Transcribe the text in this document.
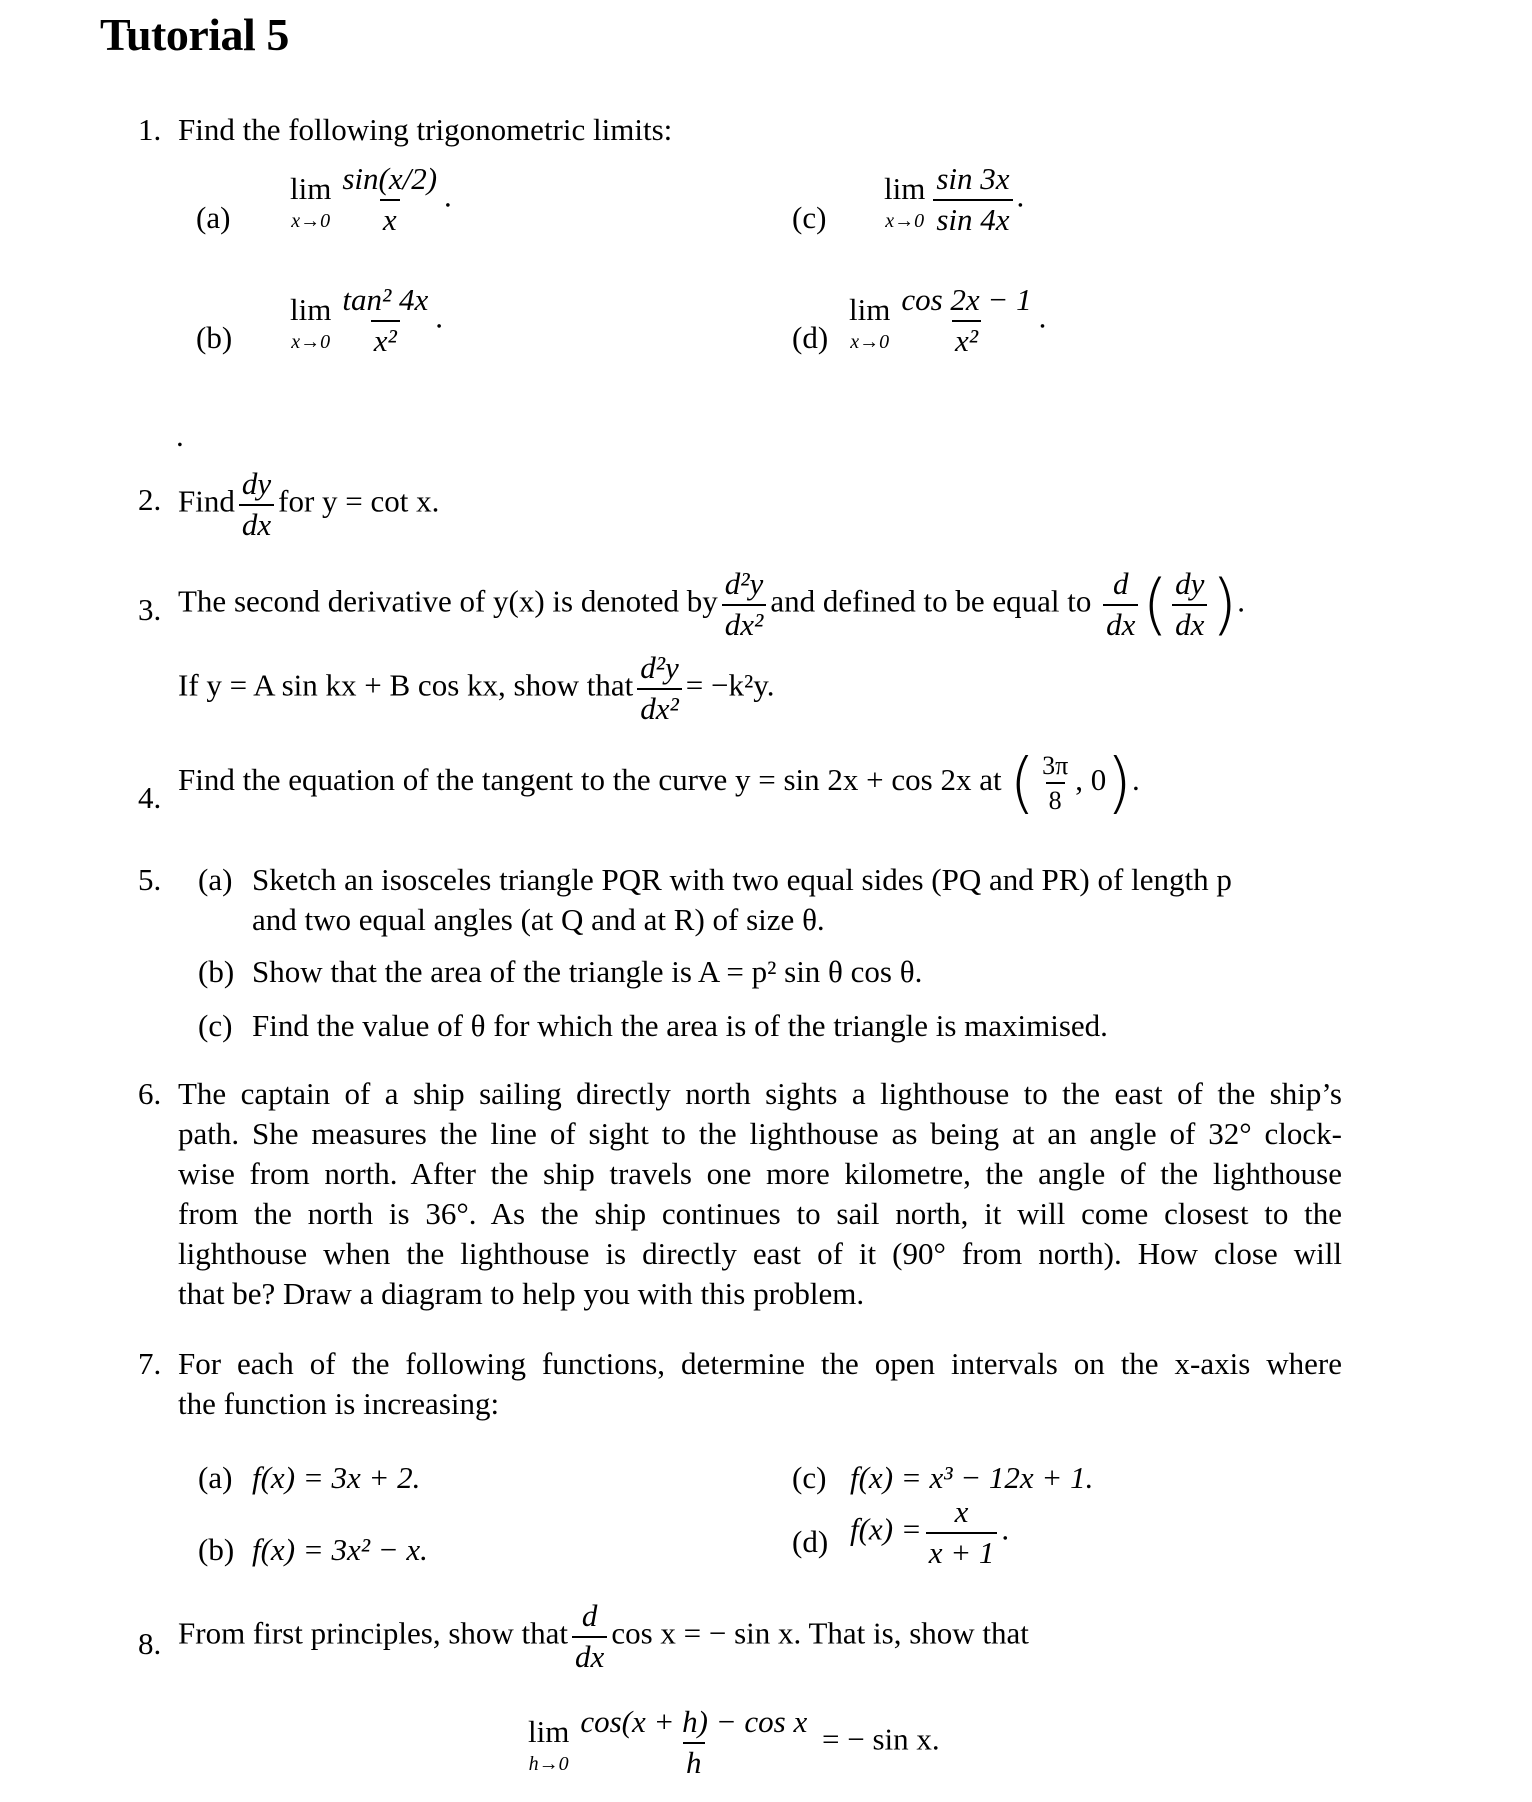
Tutorial 5
1. Find the following trigonometric limits:
(a)
lim
$x\to 0 \frac{\sin(x/2)}{x}$ .
(b)
lim
$x\to 0 \frac{\text{tan² 4x}}{\text{x²}}$ .
(c)
lim
$x\to 0 \frac{\sin 3x}{\sin 4x}$ .
(d)
lim
$x\to 0 \frac{\cos 2x - 1}{\text{x²}}$ .
.
2. Find $\frac{dy}{dx}$ for y = cot x.
3. The second derivative of y(x) is denoted by $\frac{\text{d²y}}{\text{dx²}}$ and defined to be equal to $\frac{d}{dx}$ ( $\frac{dy}{dx}$ ).
If y = A sin kx + B cos kx, show that $\frac{\text{d²y}}{\text{dx²}} = -k^2y$.
4.
Find the equation of the tangent to the curve y = sin 2x + cos 2x at ( $\frac{3\pi}{8}$ , 0).
5. (a) Sketch an isosceles triangle PQR with two equal sides (PQ and PR) of length p
and two equal angles (at Q and at R) of size θ.
(b) Show that the area of the triangle is A = p² sin θ cos θ.
(c) Find the value of θ for which the area is of the triangle is maximised.
6. The captain of a ship sailing directly north sights a lighthouse to the east of the ship’s
path. She measures the line of sight to the lighthouse as being at an angle of 32° clock-
wise from north. After the ship travels one more kilometre, the angle of the lighthouse
from the north is 36°. As the ship continues to sail north, it will come closest to the
lighthouse when the lighthouse is directly east of it (90° from north). How close will
that be? Draw a diagram to help you with this problem.
7. For each of the following functions, determine the open intervals on the x-axis where
the function is increasing:
(a) f(x) = 3x + 2.
(b) f(x) = 3x² − x.
(c) f(x) = x³ − 12x + 1.
(d) $f(x) = \frac{x}{x + 1}$ .
8. From first principles, show that $\frac{d}{dx}$ cos x = − sin x. That is, show that
lim
$h\to 0 \frac{\text{cos(x + h) − cos x}}{h}$ = − sin x.
